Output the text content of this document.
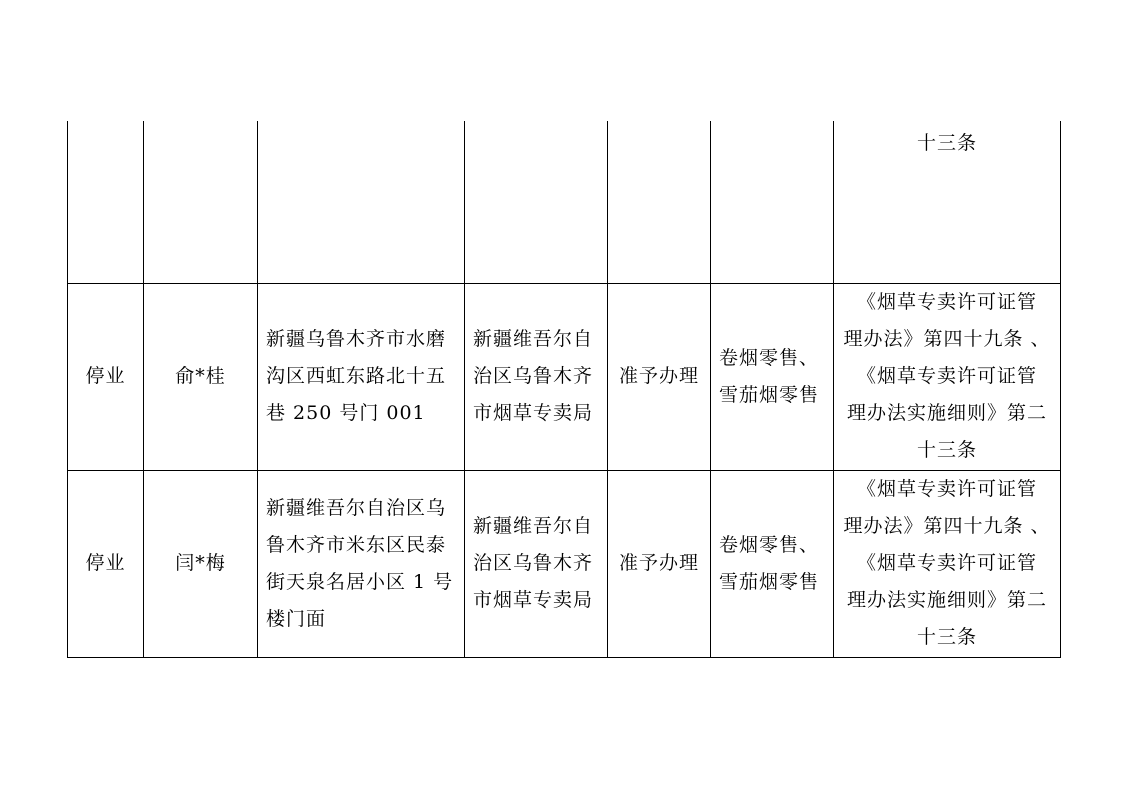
						十三条

停业	俞*桂	新疆乌鲁木齐市水磨沟区西虹东路北十五巷 250 号门 001	新疆维吾尔自治区乌鲁木齐市烟草专卖局	准予办理	卷烟零售、雪茄烟零售	《烟草专卖许可证管
理办法》第四十九条 、
《烟草专卖许可证管
理办法实施细则》第二
十三条

停业	闫*梅	新疆维吾尔自治区乌鲁木齐市米东区民泰街天泉名居小区 1 号楼门面	新疆维吾尔自治区乌鲁木齐市烟草专卖局	准予办理	卷烟零售、雪茄烟零售	《烟草专卖许可证管
理办法》第四十九条 、
《烟草专卖许可证管
理办法实施细则》第二
十三条
